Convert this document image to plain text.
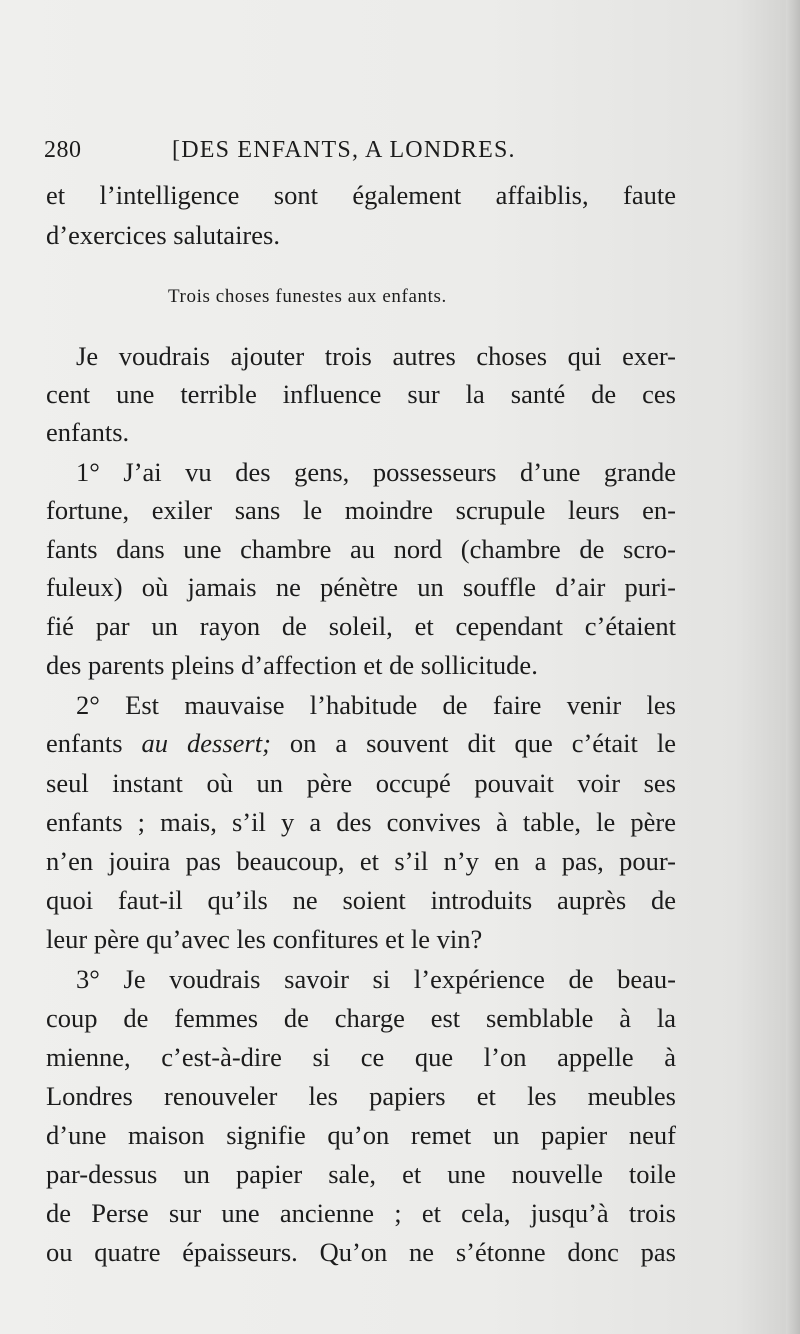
280	[DES ENFANTS, A LONDRES.
et l’intelligence sont également affaiblis, faute
d’exercices salutaires.
Trois choses funestes aux enfants.
Je voudrais ajouter trois autres choses qui exer-
cent une terrible influence sur la santé de ces
enfants.
1° J’ai vu des gens, possesseurs d’une grande
fortune, exiler sans le moindre scrupule leurs en-
fants dans une chambre au nord (chambre de scro-
fuleux) où jamais ne pénètre un souffle d’air puri-
fié par un rayon de soleil, et cependant c’étaient
des parents pleins d’affection et de sollicitude.
2° Est mauvaise l’habitude de faire venir les
enfants au dessert; on a souvent dit que c’était le
seul instant où un père occupé pouvait voir ses
enfants ; mais, s’il y a des convives à table, le père
n’en jouira pas beaucoup, et s’il n’y en a pas, pour-
quoi faut-il qu’ils ne soient introduits auprès de
leur père qu’avec les confitures et le vin?
3° Je voudrais savoir si l’expérience de beau-
coup de femmes de charge est semblable à la
mienne, c’est-à-dire si ce que l’on appelle à
Londres renouveler les papiers et les meubles
d’une maison signifie qu’on remet un papier neuf
par-dessus un papier sale, et une nouvelle toile
de Perse sur une ancienne ; et cela, jusqu’à trois
ou quatre épaisseurs. Qu’on ne s’étonne donc pas
